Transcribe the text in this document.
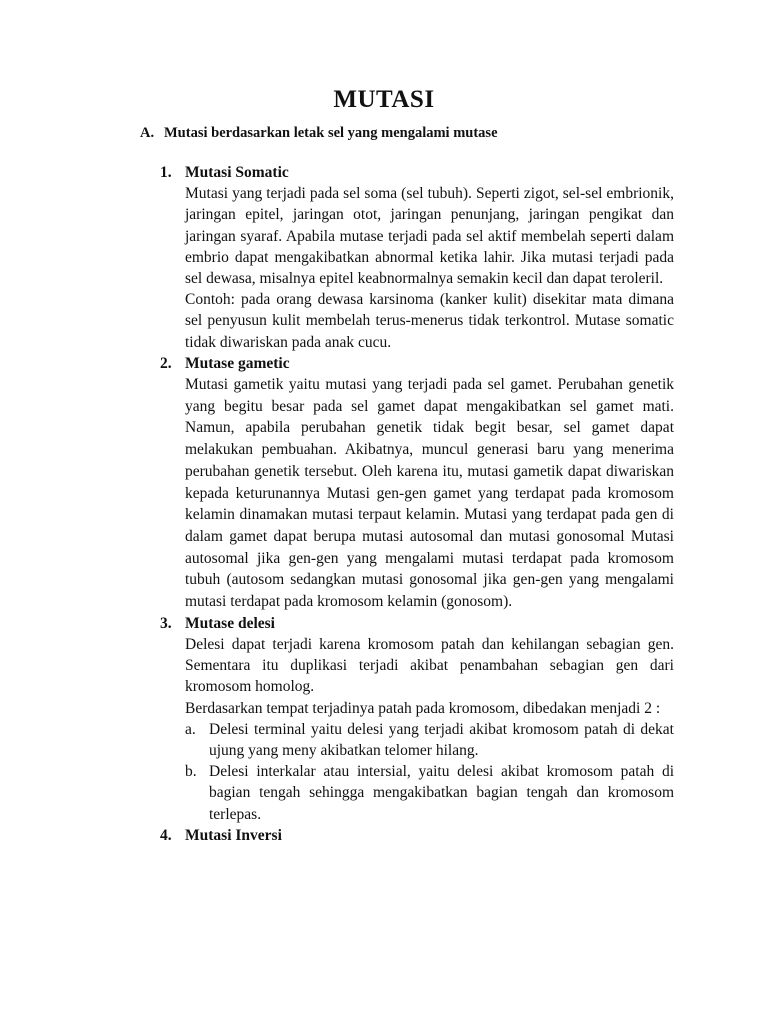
MUTASI
A. Mutasi berdasarkan letak sel yang mengalami mutase
1. Mutasi Somatic

Mutasi yang terjadi pada sel soma (sel tubuh). Seperti zigot, sel-sel embrionik, jaringan epitel, jaringan otot, jaringan penunjang, jaringan pengikat dan jaringan syaraf. Apabila mutase terjadi pada sel aktif membelah seperti dalam embrio dapat mengakibatkan abnormal ketika lahir. Jika mutasi terjadi pada sel dewasa, misalnya epitel keabnormalnya semakin kecil dan dapat teroleril.

Contoh: pada orang dewasa karsinoma (kanker kulit) disekitar mata dimana sel penyusun kulit membelah terus-menerus tidak terkontrol. Mutase somatic tidak diwariskan pada anak cucu.

2. Mutase gametic

Mutasi gametik yaitu mutasi yang terjadi pada sel gamet. Perubahan genetik yang begitu besar pada sel gamet dapat mengakibatkan sel gamet mati. Namun, apabila perubahan genetik tidak begit besar, sel gamet dapat melakukan pembuahan. Akibatnya, muncul generasi baru yang menerima perubahan genetik tersebut. Oleh karena itu, mutasi gametik dapat diwariskan kepada keturunannya Mutasi gen-gen gamet yang terdapat pada kromosom kelamin dinamakan mutasi terpaut kelamin. Mutasi yang terdapat pada gen di dalam gamet dapat berupa mutasi autosomal dan mutasi gonosomal Mutasi autosomal jika gen-gen yang mengalami mutasi terdapat pada kromosom tubuh (autosom sedangkan mutasi gonosomal jika gen-gen yang mengalami mutasi terdapat pada kromosom kelamin (gonosom).

3. Mutase delesi

Delesi dapat terjadi karena kromosom patah dan kehilangan sebagian gen. Sementara itu duplikasi terjadi akibat penambahan sebagian gen dari kromosom homolog.

Berdasarkan tempat terjadinya patah pada kromosom, dibedakan menjadi 2 :

a. Delesi terminal yaitu delesi yang terjadi akibat kromosom patah di dekat ujung yang meny akibatkan telomer hilang.

b. Delesi interkalar atau intersial, yaitu delesi akibat kromosom patah di bagian tengah sehingga mengakibatkan bagian tengah dan kromosom terlepas.

4. Mutasi Inversi
